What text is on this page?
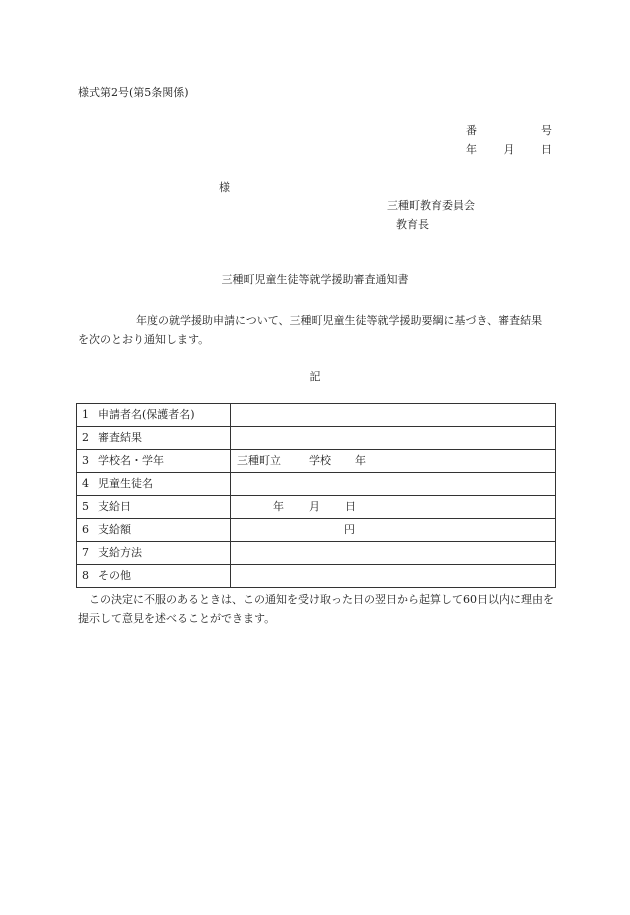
様式第2号(第5条関係)
番	号
年 月 日
様
三種町教育委員会
教育長
三種町児童生徒等就学援助審査通知書
年度の就学援助申請について、三種町児童生徒等就学援助要綱に基づき、審査結果を次のとおり通知します。
記
1 申請者名(保護者名)	
2 審査結果	
3 学校名・学年	三種町立 学校 年
4 児童生徒名	
5 支給日	年 月 日
6 支給額	円
7 支給方法	
8 その他	
この決定に不服のあるときは、この通知を受け取った日の翌日から起算して60日以内に理由を提示して意見を述べることができます。
